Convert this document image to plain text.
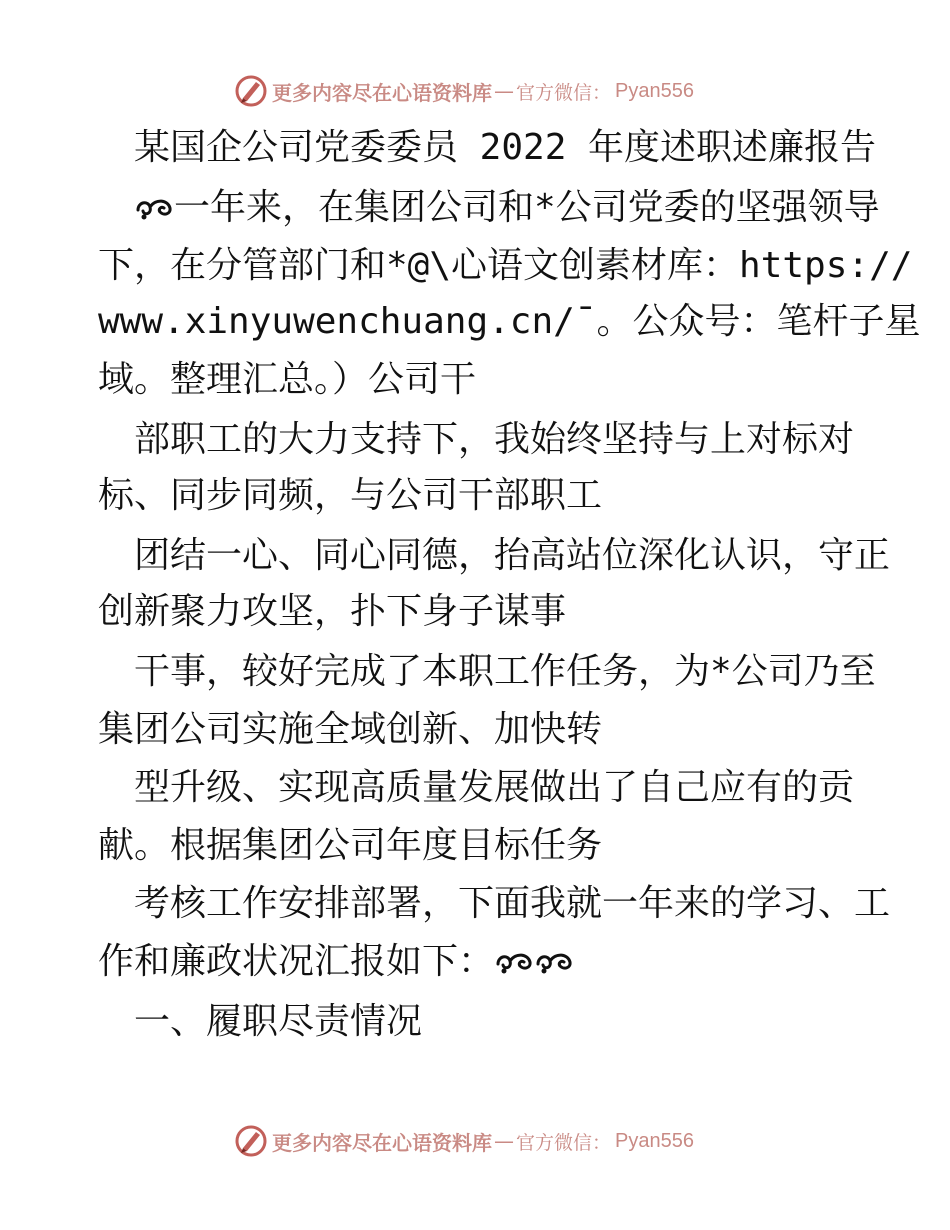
更多内容尽在心语资料库 — 官方微信： Pyan556
某国企公司党委委员 2022 年度述职述廉报告
一年来，在集团公司和*公司党委的坚强领导
下，在分管部门和*@\心语文创素材库：https://
www.xinyuwenchuang.cn/¯。公众号：笔杆子星
域。整理汇总。）公司干
部职工的大力支持下，我始终坚持与上对标对
标、同步同频，与公司干部职工
团结一心、同心同德，抬高站位深化认识，守正
创新聚力攻坚，扑下身子谋事
干事，较好完成了本职工作任务，为*公司乃至
集团公司实施全域创新、加快转
型升级、实现高质量发展做出了自己应有的贡
献。根据集团公司年度目标任务
考核工作安排部署，下面我就一年来的学习、工
作和廉政状况汇报如下：
一、履职尽责情况
更多内容尽在心语资料库 — 官方微信： Pyan556
